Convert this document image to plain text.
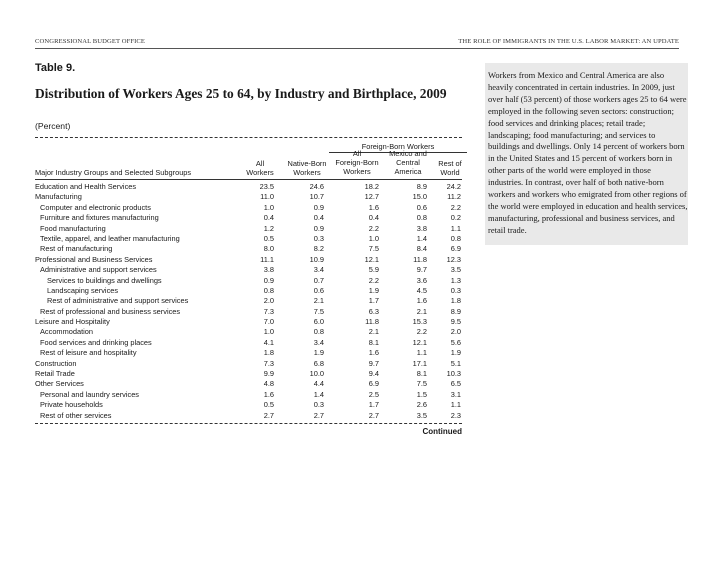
CONGRESSIONAL BUDGET OFFICE	THE ROLE OF IMMIGRANTS IN THE U.S. LABOR MARKET: AN UPDATE
Table 9.
Distribution of Workers Ages 25 to 64, by Industry and Birthplace, 2009
(Percent)
Foreign-Born Workers
All
Workers
Native-Born
Workers
All
Foreign-Born
Workers
Mexico and
Central
America
Rest of
World
Major Industry Groups and Selected Subgroups
Education and Health Services	23.5	24.6	18.2	8.9	24.2
Manufacturing	11.0	10.7	12.7	15.0	11.2
Computer and electronic products	1.0	0.9	1.6	0.6	2.2
Furniture and fixtures manufacturing	0.4	0.4	0.4	0.8	0.2
Food manufacturing	1.2	0.9	2.2	3.8	1.1
Textile, apparel, and leather manufacturing	0.5	0.3	1.0	1.4	0.8
Rest of manufacturing	8.0	8.2	7.5	8.4	6.9
Professional and Business Services	11.1	10.9	12.1	11.8	12.3
Administrative and support services	3.8	3.4	5.9	9.7	3.5
Services to buildings and dwellings	0.9	0.7	2.2	3.6	1.3
Landscaping services	0.8	0.6	1.9	4.5	0.3
Rest of administrative and support services	2.0	2.1	1.7	1.6	1.8
Rest of professional and business services	7.3	7.5	6.3	2.1	8.9
Leisure and Hospitality	7.0	6.0	11.8	15.3	9.5
Accommodation	1.0	0.8	2.1	2.2	2.0
Food services and drinking places	4.1	3.4	8.1	12.1	5.6
Rest of leisure and hospitality	1.8	1.9	1.6	1.1	1.9
Construction	7.3	6.8	9.7	17.1	5.1
Retail Trade	9.9	10.0	9.4	8.1	10.3
Other Services	4.8	4.4	6.9	7.5	6.5
Personal and laundry services	1.6	1.4	2.5	1.5	3.1
Private households	0.5	0.3	1.7	2.6	1.1
Rest of other services	2.7	2.7	2.7	3.5	2.3
Continued

Workers from Mexico and Central America are also heavily concentrated in certain industries. In 2009, just over half (53 percent) of those workers ages 25 to 64 were employed in the following seven sectors: construction; food services and drinking places; retail trade; landscaping; food manufacturing; and services to buildings and dwellings. Only 14 percent of workers born in the United States and 15 percent of workers born in other parts of the world were employed in those industries. In contrast, over half of both native-born workers and workers who emigrated from other regions of the world were employed in education and health services, manufacturing, professional and business services, and retail trade.
